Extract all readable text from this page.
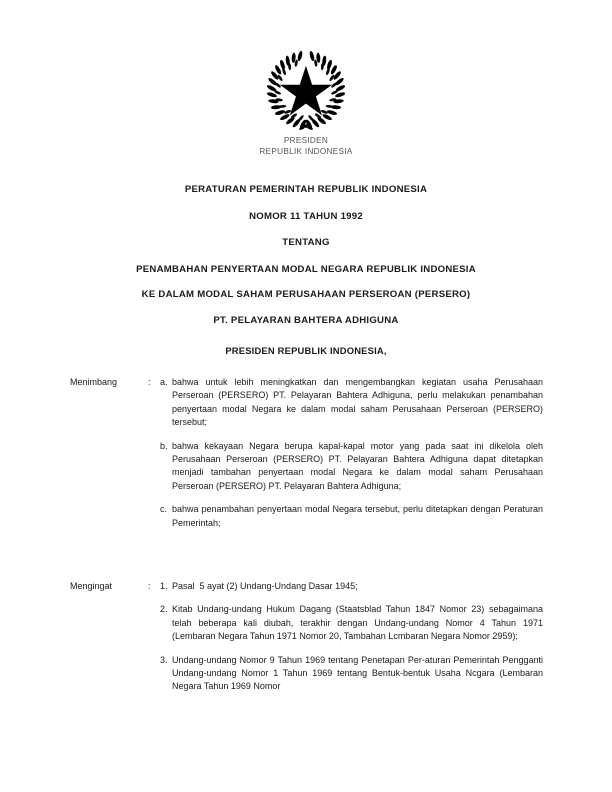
PRESIDEN
REPUBLIK INDONESIA
PERATURAN PEMERINTAH REPUBLIK INDONESIA
NOMOR 11 TAHUN 1992
TENTANG
PENAMBAHAN PENYERTAAN MODAL NEGARA REPUBLIK INDONESIA
KE DALAM MODAL SAHAM PERUSAHAAN PERSEROAN (PERSERO)
PT. PELAYARAN BAHTERA ADHIGUNA
PRESIDEN REPUBLIK INDONESIA,
Menimbang	:	a. bahwa untuk lebih meningkatkan dan mengembangkan kegiatan usaha Perusahaan Perseroan (PERSERO) PT. Pelayaran Bahtera Adhiguna, perlu melakukan penambahan penyertaan modal Negara ke dalam modal saham Perusahaan Perseroan (PERSERO) tersebut;
b. bahwa kekayaan Negara berupa kapal-kapal motor yang pada saat ini dikelola oleh Perusahaan Perseroan (PERSERO) PT. Pelayaran Bahtera Adhiguna dapat ditetapkan menjadi tambahan penyertaan modal Negara ke dalam modal saham Perusahaan Perseroan (PERSERO) PT. Pelayaran Bahtera Adhiguna;
c. bahwa penambahan penyertaan modal Negara tersebut, perlu ditetapkan dengan Peraturan Pemerintah;
Mengingat	:	1. Pasal  5 ayat (2) Undang-Undang Dasar 1945;
2. Kitab Undang-undang Hukum Dagang (Staatsblad Tahun 1847 Nomor 23) sebagaimana telah beberapa kali diubah, terakhir dengan Undang-undang Nomor 4 Tahun 1971 (Lembaran Negara Tahun 1971 Nomor 20, Tambahan Lcmbaran Negara Nomor 2959);
3. Undang-undang Nomor 9 Tahun 1969 tentang Penetapan Per-aturan Pemerintah Pengganti Undang-undang Nomor 1 Tahun 1969 tentang Bentuk-bentuk Usaha Ncgara (Lembaran Negara Tahun 1969 Nomor
